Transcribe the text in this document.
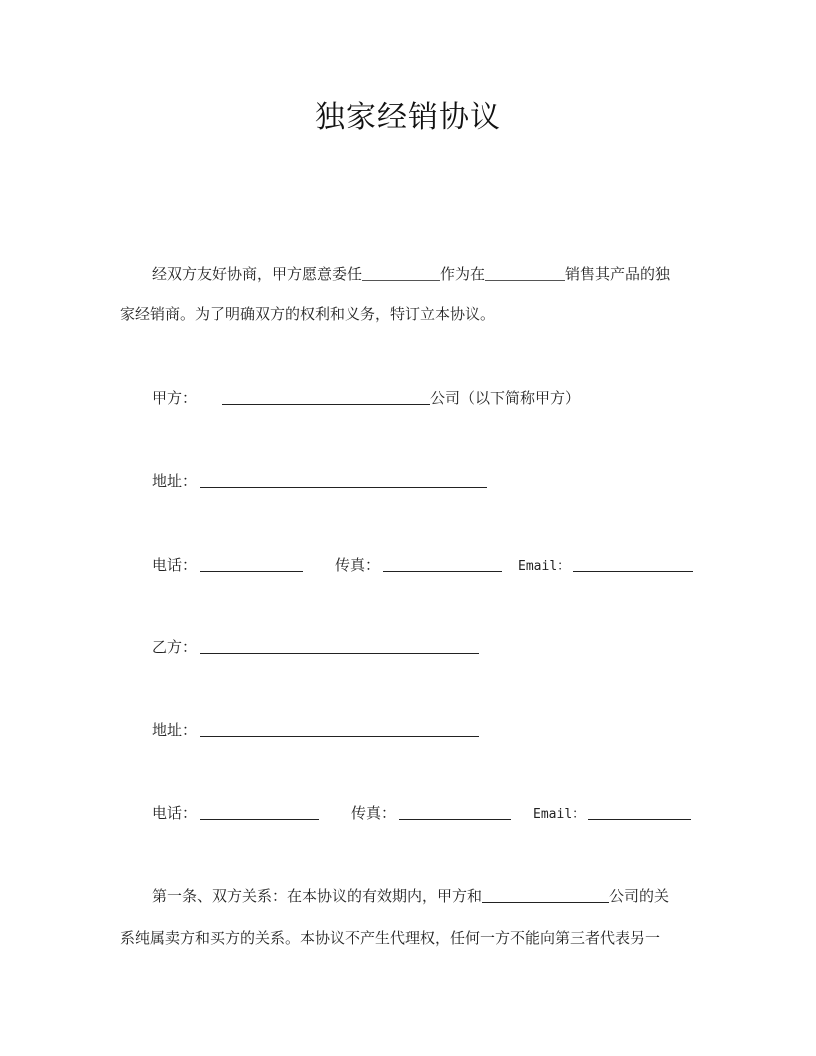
独家经销协议
经双方友好协商，甲方愿意委任	作为在	销售其产品的独
家经销商。为了明确双方的权利和义务，特订立本协议。
甲方：	公司（以下简称甲方）
地址：
电话：	传真：	Email：
乙方：
地址：
电话：	传真：	Email：
第一条、双方关系：在本协议的有效期内，甲方和	公司的关
系纯属卖方和买方的关系。本协议不产生代理权，任何一方不能向第三者代表另一
